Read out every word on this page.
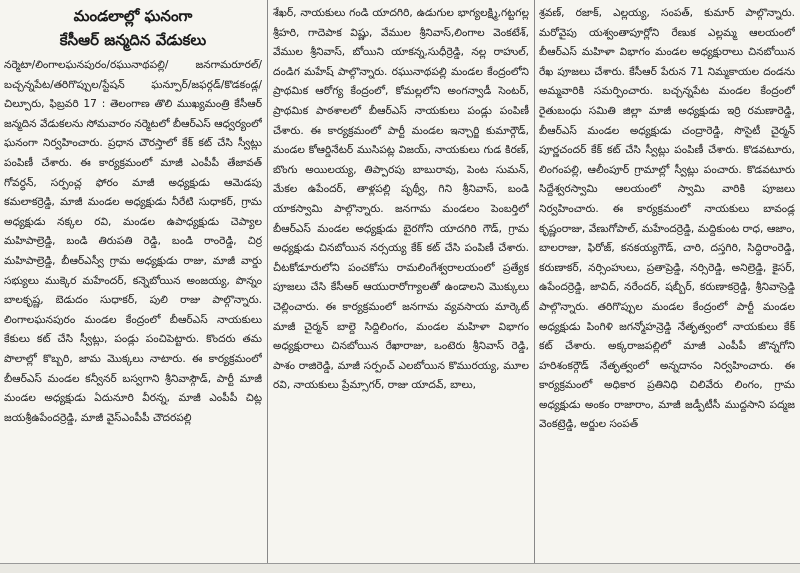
మండలాల్లో ఘనంగా
కేసీఆర్ జన్మదిన వేడుకలు

నర్మెటా/లింగాలఘనపురం/రఘునాథపల్లి/ జనగామరూరల్/బచ్చన్నపేట/తరిగొప్పుల/స్టేషన్ ఘన్పూర్/జఫర్గడ్/కొడకండ్ల/చిల్పూరు, ఫిబ్రవరి 17 : తెలంగాణ తొలి ముఖ్యమంత్రి కేసీఆర్ జన్మదిన వేడుకలను సోమవారం నర్మెటలో బీఆర్ఎస్ ఆధ్వర్యంలో ఘనంగా నిర్వహించారు. ప్రధాన చౌరస్తాలో కేక్ కట్ చేసి స్వీట్లు పంపిణీ చేశారు. ఈ కార్యక్రమంలో మాజీ ఎంపీపీ తేజావత్ గోవర్ధన్, సర్పంచ్ల ఫోరం మాజీ అధ్యక్షుడు ఆమెడపు కమలాకర్రెడ్డి, మాజీ మండల అధ్యక్షుడు నీరేటి సుధాకర్, గ్రామ అధ్యక్షుడు నక్కల రవి, మండల ఉపాధ్యక్షుడు చెప్యాల మహిపాల్రెడ్డి, బండి తిరుపతి రెడ్డి, బండి రాంరెడ్డి, చిర్ర మహిపాల్రెడ్డి, బీఆర్ఎస్వీ గ్రామ అధ్యక్షుడు రాజు, మాజీ వార్డు సభ్యులు ముక్కెర మహేందర్, కన్నెబోయిన అంజయ్య, పొన్నం బాలకృష్ణ, బెడుదం సుధాకర్, పులి రాజు పాల్గొన్నారు. లింగాలఘనపురం మండల కేంద్రంలో బీఆర్ఎస్ నాయకులు కేకులు కట్ చేసి స్వీట్లు, పండ్లు పంచిపెట్టారు. కొందరు తమ పొలాల్లో కొబ్బరి, జామ మొక్కలు నాటారు. ఈ కార్యక్రమంలో బీఆర్ఎస్ మండల కన్వీనర్ బస్వగాని శ్రీనివాస్గౌడ్, పార్టీ మాజీ మండల అధ్యక్షుడు ఏదునూరి వీరన్న, మాజీ ఎంపీపీ చిట్ల జయశ్రీఉపేందర్రెడ్డి, మాజీ వైస్ఎంపీపీ చౌదరపల్లి

శేఖర్, నాయకులు గండి యాదగిరి, ఉడుగుల భాగ్యలక్ష్మి,గట్టగల్ల శ్రీహరి, గాదెపాక విష్ణు, వేముల శ్రీనివాస్,లింగాల వెంకటేశ్, వేముల శ్రీనివాస్, బోయిని యాకన్న,సుధీర్రెడ్డి, నల్ల రాహుల్, దండిగ మహేష్ పాల్గొన్నారు. రఘునాథపల్లి మండల కేంద్రంలోని ప్రాథమిక ఆరోగ్య కేంద్రంలో, కోమల్లలోని అంగన్వాడీ సెంటర్, ప్రాథమిక పాఠశాలలో బీఆర్ఎస్ నాయకులు పండ్లు పంపిణీ చేశారు. ఈ కార్యక్రమంలో పార్టీ మండల ఇన్చార్జి కుమార్గౌడ్, మండల కోఆర్డినేటర్ ముసిపట్ల విజయ్, నాయకులు గుడ కిరణ్, బొంగు అయిలయ్య, తిప్పారపు బాబురావు, పెంట సుమన్, మేకల ఉపేందర్, తాళ్లపల్లి పృథ్వీ, గిని శ్రీనివాస్, బండి యాకస్వామి పాల్గొన్నారు. జనగామ మండలం పెంబర్తిలో బీఆర్ఎస్ మండల అధ్యక్షుడు బైరగోని యాదగిరి గౌడ్, గ్రామ అధ్యక్షుడు చినబోయిన నర్సయ్య కేక్ కట్ చేసి పంపిణీ చేశారు. చీటకోడూరులోని పంచకోసు రామలింగేశ్వరాలయంలో ప్రత్యేక పూజలు చేసి కేసీఆర్ ఆయురారోగ్యాలతో ఉండాలని మొక్కులు చెల్లించారు. ఈ కార్యక్రమంలో జనగామ వ్యవసాయ మార్కెట్ మాజీ చైర్మన్ బాల్దె సిద్దిలింగం, మండల మహిళా విభాగం అధ్యక్షురాలు చినబోయిన రేఖారాజు, ఒంటెరు శ్రీనివాస్ రెడ్డి, పాశం రాజిరెడ్డి, మాజీ సర్పంచ్ ఎలబోయిన కొమురయ్య, మూల రవి, నాయకులు ప్రేమ్సాగర్, రాజు యాదవ్, బాలు,

శ్రవణ్, రజాక్, ఎల్లయ్య, సంపత్, కుమార్ పాల్గొన్నారు. మరోవైపు యశ్వంతాపూర్లోని రేణుక ఎల్లమ్మ ఆలయంలో బీఆర్ఎస్ మహిళా విభాగం మండల అధ్యక్షురాలు చినబోయిన రేఖ పూజలు చేశారు. కేసీఆర్ పేరున 71 నిమ్మకాయల దండను అమ్మవారికి సమర్పించారు. బచ్చన్నపేట మండల కేంద్రంలో రైతుబంధు సమితి జిల్లా మాజీ అధ్యక్షుడు ఇర్రి రమణారెడ్డి, బీఆర్ఎస్ మండల అధ్యక్షుడు చంద్రారెడ్డి, సొసైటీ చైర్మన్ పూర్ణచందర్ కేక్ కట్ చేసి స్వీట్లు పంపిణీ చేశారు. కొడవటూరు, లింగంపల్లి, ఆలీంపూర్ గ్రామాల్లో స్వీట్లు పంచారు. కొడవటూరు సిద్దేశ్వరస్వామి ఆలయంలో స్వామి వారికి పూజలు నిర్వహించారు. ఈ కార్యక్రమంలో నాయకులు బావండ్ల కృష్ణంరాజు, వేణుగోపాల్, మహేందర్రెడ్డి, మద్దికుంట రాధ, ఆజాం, బాలరాజు, ఫిరోజ్, కనకయ్యగౌడ్, చారి, దస్తగిరి, సిద్ధిరాంరెడ్డి, కరుణాకర్, నర్సింహులు, ప్రతాప్రెడ్డి, నర్సిరెడ్డి, అనిల్రెడ్డి, కైసర్, ఉపేందర్రెడ్డి, జావిద్, నరేందర్, షబ్బీర్, కరుణాకర్రెడ్డి, శ్రీనివాస్రెడ్డి పాల్గొన్నారు. తరిగొప్పుల మండల కేంద్రంలో పార్టీ మండల అధ్యక్షుడు పింగిళి జగన్మోహన్రెడ్డి నేతృత్వంలో నాయకులు కేక్ కట్ చేశారు. అక్కరాజపల్లిలో మాజీ ఎంపీపీ జొన్నగోని హరిశంకర్గౌడ్ నేతృత్వంలో అన్నదానం నిర్వహించారు. ఈ కార్యక్రమంలో అధికార ప్రతినిధి చిలివేరు లింగం, గ్రామ అధ్యక్షుడు అంకం రాజారాం, మాజీ జడ్పీటీసీ ముద్దసాని పద్మజ వెంకట్రెడ్డి, అర్జుల సంపత్
